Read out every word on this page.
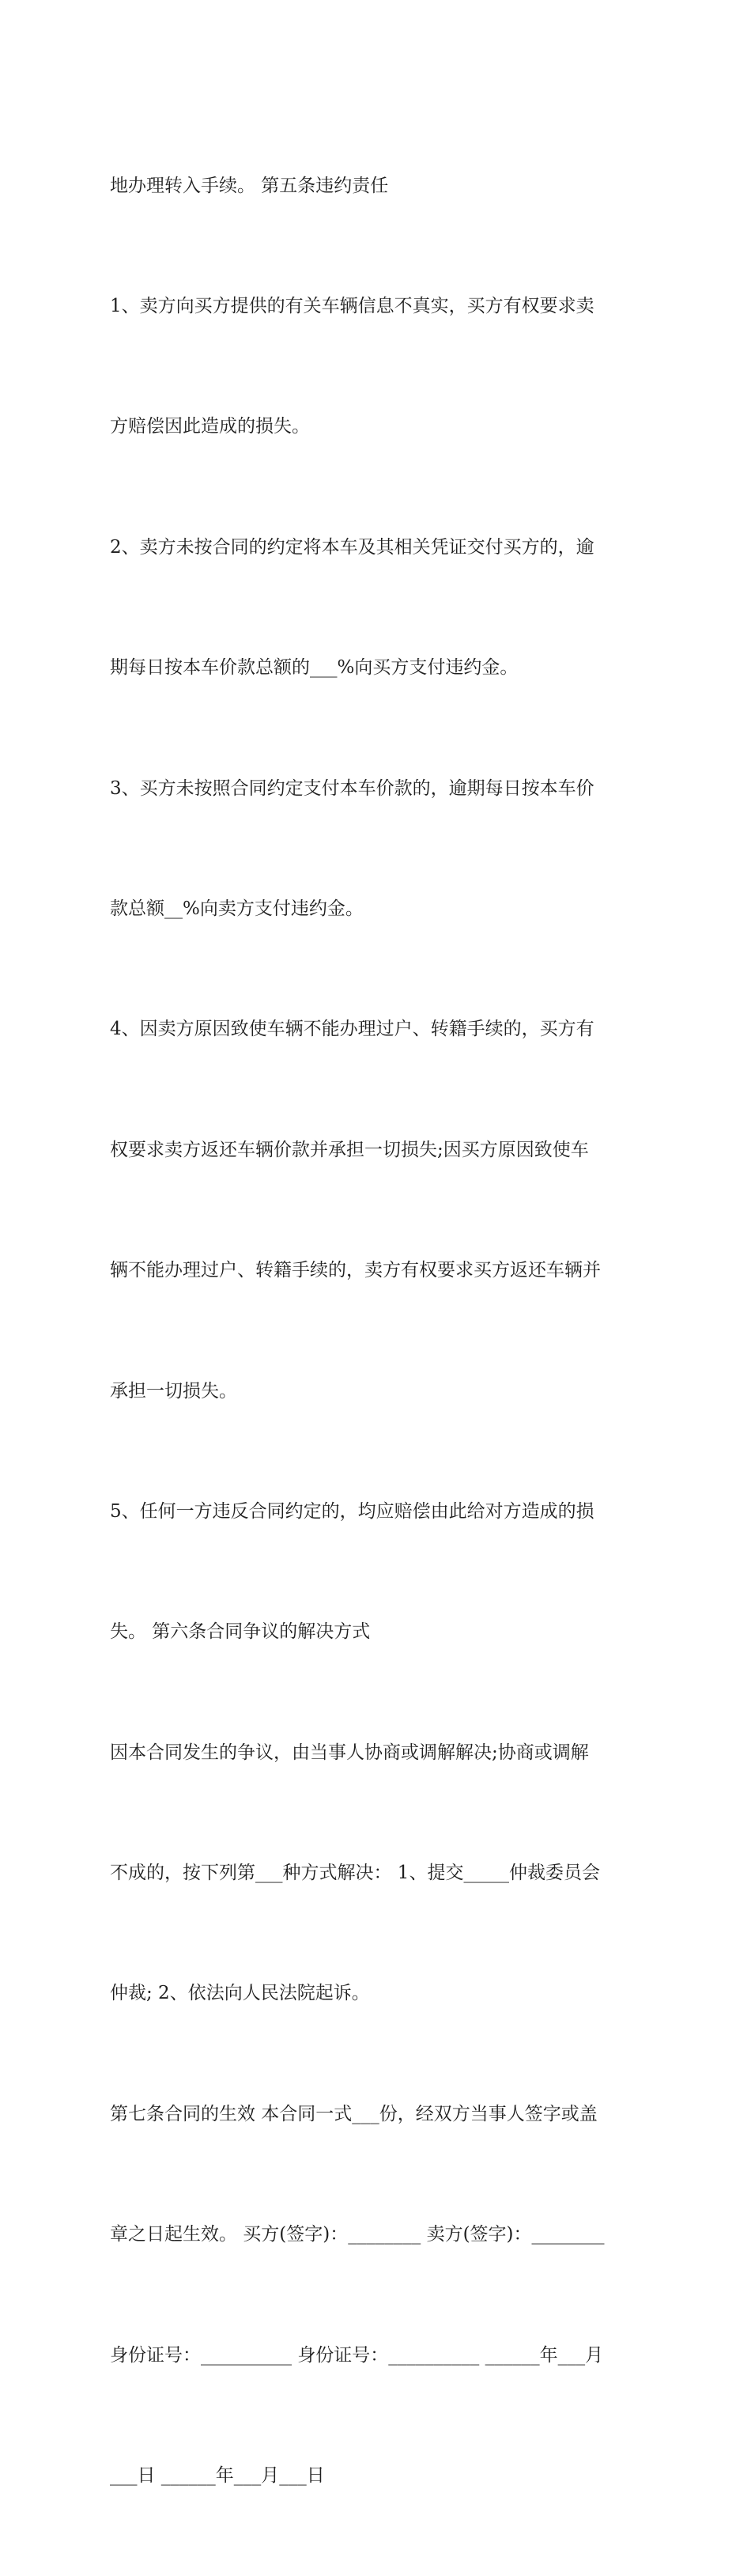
地办理转入手续。 第五条违约责任

1、卖方向买方提供的有关车辆信息不真实，买方有权要求卖

方赔偿因此造成的损失。

2、卖方未按合同的约定将本车及其相关凭证交付买方的，逾

期每日按本车价款总额的___%向买方支付违约金。

3、买方未按照合同约定支付本车价款的，逾期每日按本车价

款总额__%向卖方支付违约金。

4、因卖方原因致使车辆不能办理过户、转籍手续的，买方有

权要求卖方返还车辆价款并承担一切损失;因买方原因致使车

辆不能办理过户、转籍手续的，卖方有权要求买方返还车辆并

承担一切损失。

5、任何一方违反合同约定的，均应赔偿由此给对方造成的损

失。 第六条合同争议的解决方式

因本合同发生的争议，由当事人协商或调解解决;协商或调解

不成的，按下列第___种方式解决： 1、提交_____仲裁委员会

仲裁; 2、依法向人民法院起诉。

第七条合同的生效 本合同一式___份，经双方当事人签字或盖

章之日起生效。 买方(签字)：________ 卖方(签字)：________

身份证号：__________ 身份证号：__________ ______年___月

___日 ______年___月___日
